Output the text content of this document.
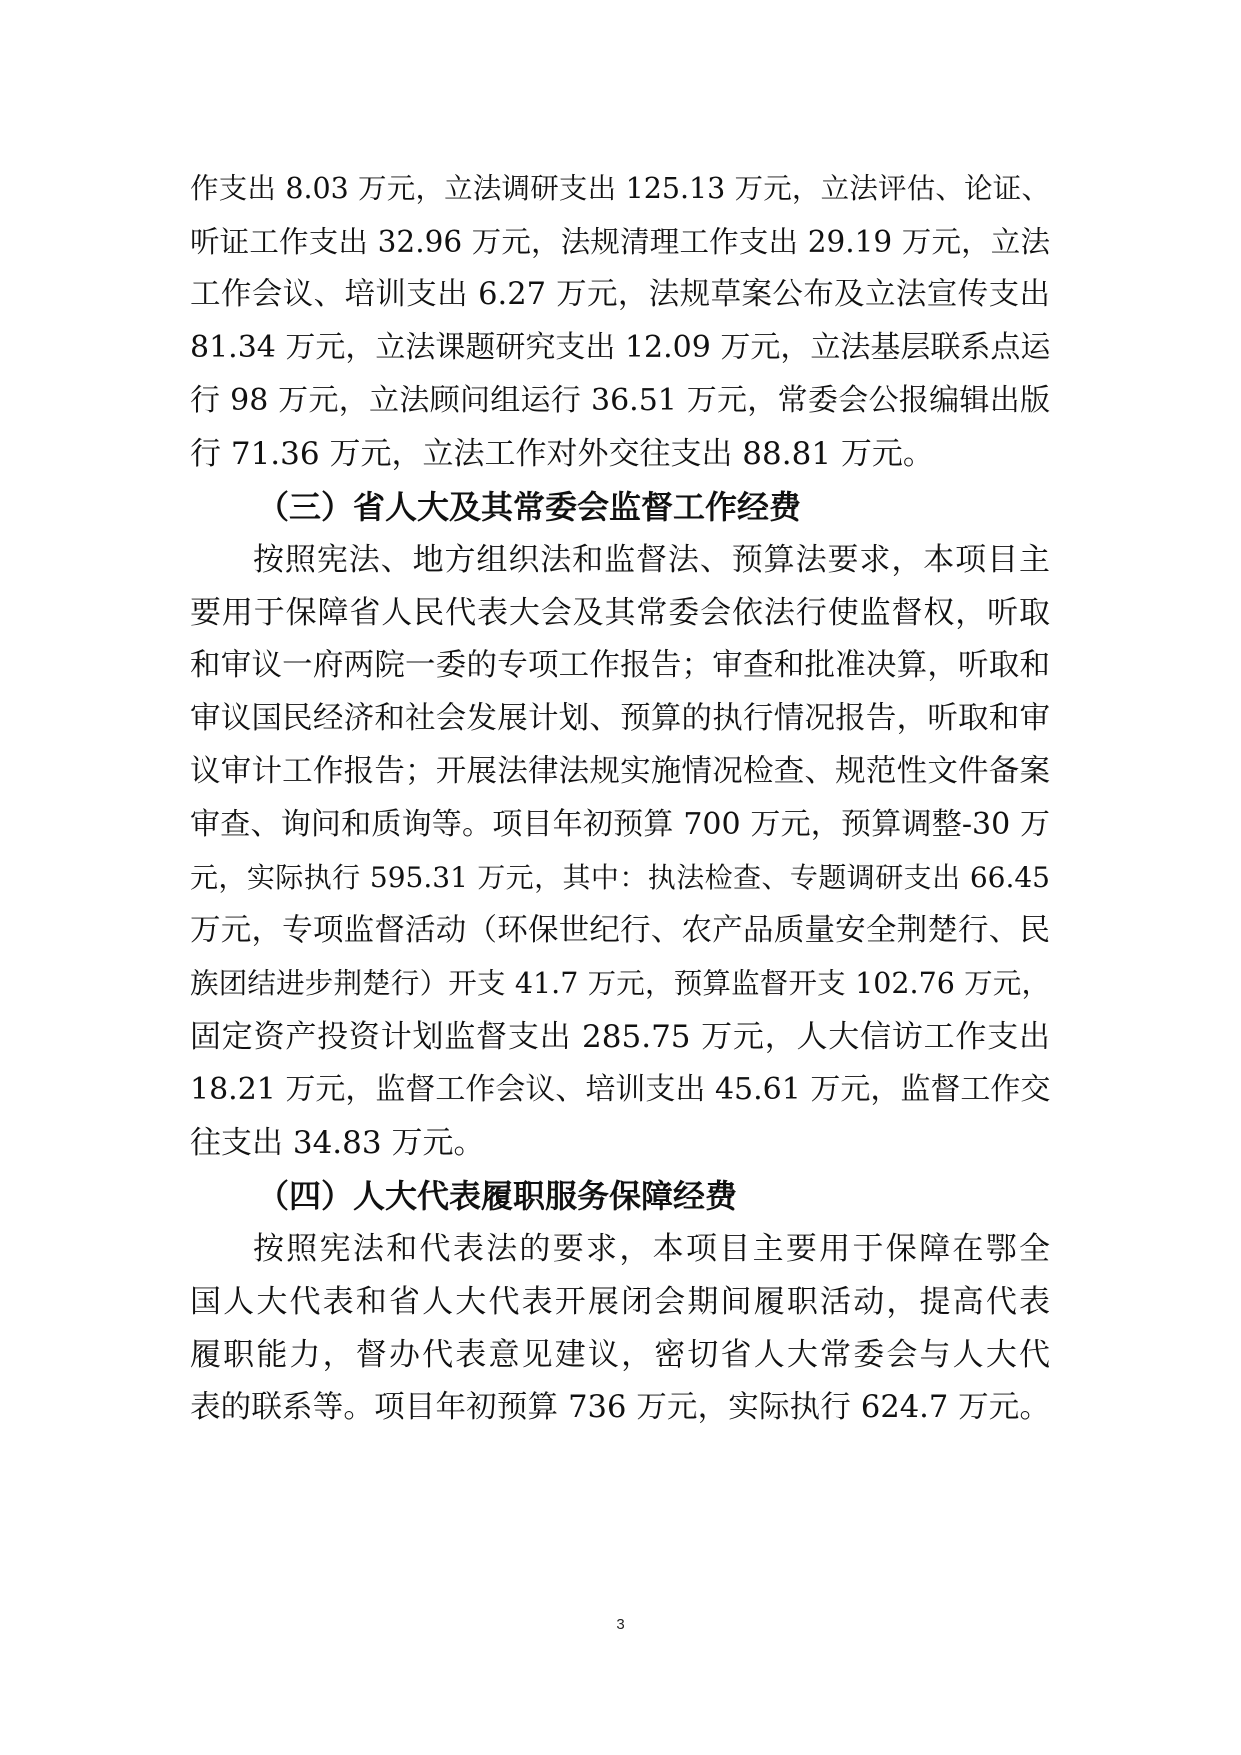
作支出 8.03 万元，立法调研支出 125.13 万元，立法评估、论证、
听证工作支出 32.96 万元，法规清理工作支出 29.19 万元，立法
工作会议、培训支出 6.27 万元，法规草案公布及立法宣传支出
81.34 万元，立法课题研究支出 12.09 万元，立法基层联系点运
行 98 万元，立法顾问组运行 36.51 万元，常委会公报编辑出版
行 71.36 万元，立法工作对外交往支出 88.81 万元。
（三）省人大及其常委会监督工作经费
按照宪法、地方组织法和监督法、预算法要求，本项目主
要用于保障省人民代表大会及其常委会依法行使监督权，听取
和审议一府两院一委的专项工作报告；审查和批准决算，听取和
审议国民经济和社会发展计划、预算的执行情况报告，听取和审
议审计工作报告；开展法律法规实施情况检查、规范性文件备案
审查、询问和质询等。项目年初预算 700 万元，预算调整-30 万
元，实际执行 595.31 万元，其中：执法检查、专题调研支出 66.45
万元，专项监督活动（环保世纪行、农产品质量安全荆楚行、民
族团结进步荆楚行）开支 41.7 万元，预算监督开支 102.76 万元，
固定资产投资计划监督支出 285.75 万元，人大信访工作支出
18.21 万元，监督工作会议、培训支出 45.61 万元，监督工作交
往支出 34.83 万元。
（四）人大代表履职服务保障经费
按照宪法和代表法的要求，本项目主要用于保障在鄂全
国人大代表和省人大代表开展闭会期间履职活动，提高代表
履职能力，督办代表意见建议，密切省人大常委会与人大代
表的联系等。项目年初预算 736 万元，实际执行 624.7 万元。
3
